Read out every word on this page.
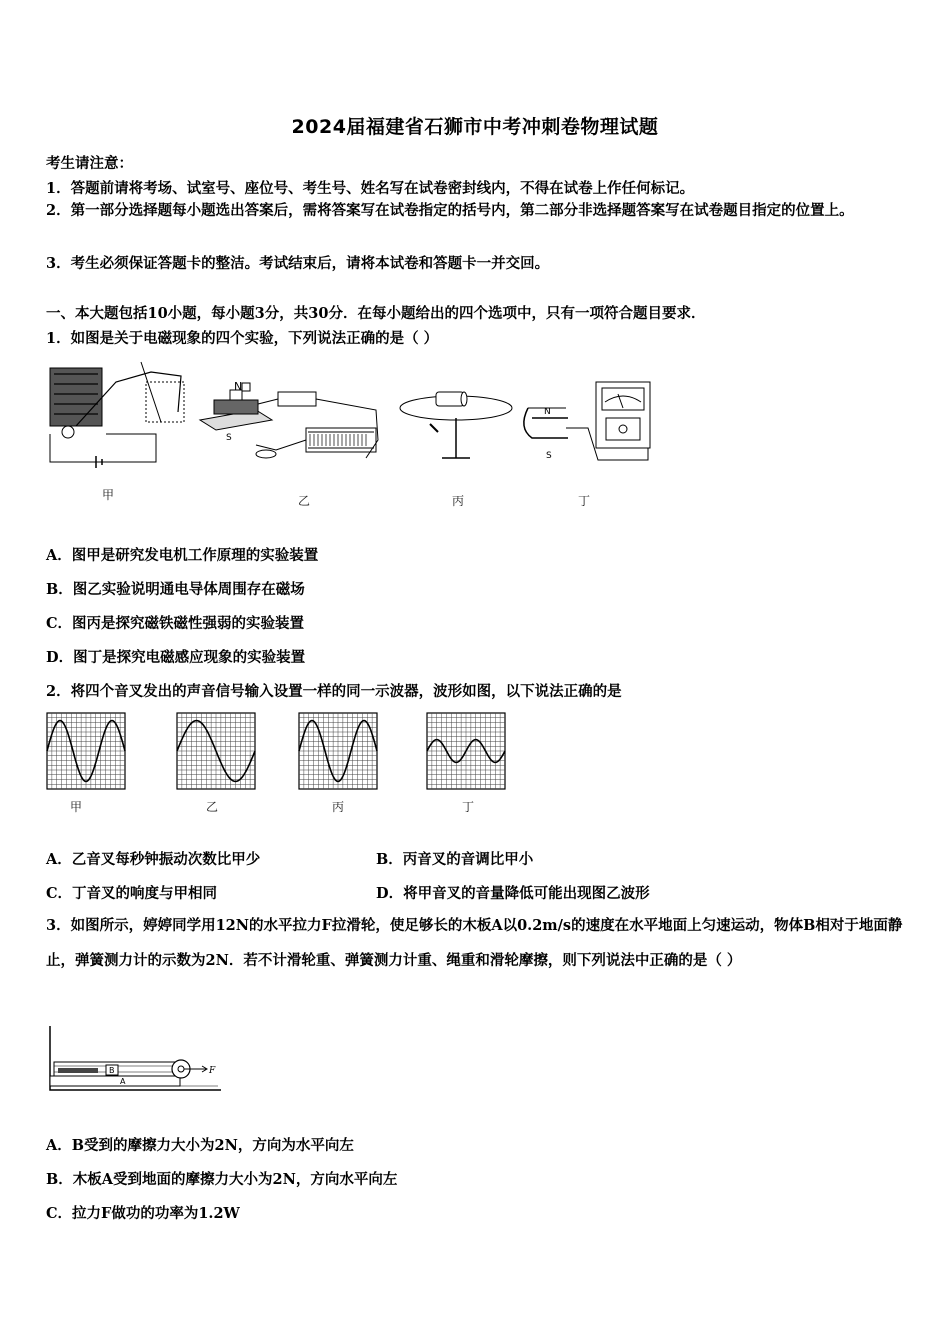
2024届福建省石狮市中考冲刺卷物理试题
考生请注意：
1．答题前请将考场、试室号、座位号、考生号、姓名写在试卷密封线内，不得在试卷上作任何标记。
2．第一部分选择题每小题选出答案后，需将答案写在试卷指定的括号内，第二部分非选择题答案写在试卷题目指定的位置上。
3．考生必须保证答题卡的整洁。考试结束后，请将本试卷和答题卡一并交回。
一、本大题包括10小题，每小题3分，共30分．在每小题给出的四个选项中，只有一项符合题目要求．
1．如图是关于电磁现象的四个实验，下列说法正确的是（ ）
甲
N
S
乙	丙
N
S
丁
A．图甲是研究发电机工作原理的实验装置
B．图乙实验说明通电导体周围存在磁场
C．图丙是探究磁铁磁性强弱的实验装置
D．图丁是探究电磁感应现象的实验装置
2．将四个音叉发出的声音信号输入设置一样的同一示波器，波形如图，以下说法正确的是
甲	乙	丙	丁
A．乙音叉每秒钟振动次数比甲少	B．丙音叉的音调比甲小
C．丁音叉的响度与甲相同	D．将甲音叉的音量降低可能出现图乙波形
3．如图所示，婷婷同学用12N的水平拉力F拉滑轮，使足够长的木板A以0.2m/s的速度在水平地面上匀速运动，物体B相对于地面静止，弹簧测力计的示数为2N．若不计滑轮重、弹簧测力计重、绳重和滑轮摩擦，则下列说法中正确的是（ ）
B
A
F
A．B受到的摩擦力大小为2N，方向为水平向左
B．木板A受到地面的摩擦力大小为2N，方向水平向左
C．拉力F做功的功率为1.2W
